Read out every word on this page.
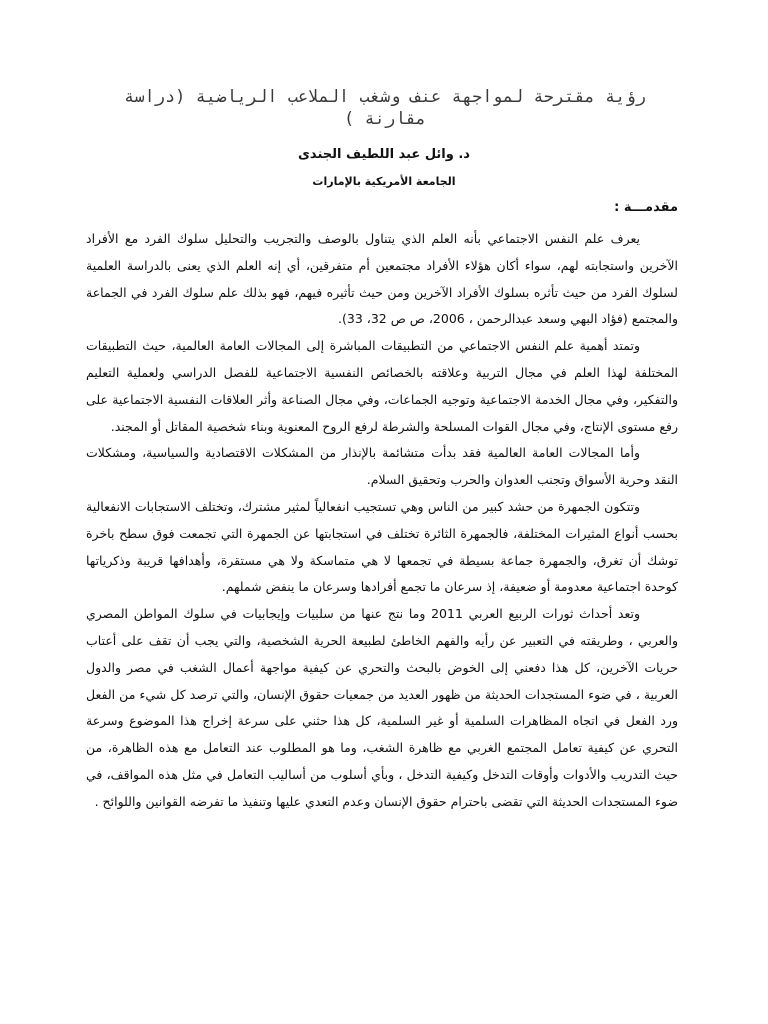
رؤية مقترحة لمواجهة عنف وشغب الملاعب الرياضية (دراسة مقارنة )
د. وائل عبد اللطيف الجندى
الجامعة الأمريكية بالإمارات
مقدمـــة :

يعرف علم النفس الاجتماعي بأنه العلم الذي يتناول بالوصف والتجريب والتحليل سلوك الفرد مع الأفراد الآخرين واستجابته لهم، سواء أكان هؤلاء الأفراد مجتمعين أم متفرقين، أي إنه العلم الذي يعنى بالدراسة العلمية لسلوك الفرد من حيث تأثره بسلوك الأفراد الآخرين ومن حيث تأثيره فيهم، فهو بذلك علم سلوك الفرد في الجماعة والمجتمع (فؤاد البهي وسعد عبدالرحمن ، 2006، ص ص 32، 33).

وتمتد أهمية علم النفس الاجتماعي من التطبيقات المباشرة إلى المجالات العامة العالمية، حيث التطبيقات المختلفة لهذا العلم في مجال التربية وعلاقته بالخصائص النفسية الاجتماعية للفصل الدراسي ولعملية التعليم والتفكير، وفي مجال الخدمة الاجتماعية وتوجيه الجماعات، وفي مجال الصناعة وأثر العلاقات النفسية الاجتماعية على رفع مستوى الإنتاج، وفي مجال القوات المسلحة والشرطة لرفع الروح المعنوية وبناء شخصية المقاتل أو المجند.

وأما المجالات العامة العالمية فقد بدأت متشائمة بالإنذار من المشكلات الاقتصادية والسياسية، ومشكلات النقد وحرية الأسواق وتجنب العدوان والحرب وتحقيق السلام.

وتتكون الجمهرة من حشد كبير من الناس وهي تستجيب انفعالياً لمثير مشترك، وتختلف الاستجابات الانفعالية بحسب أنواع المثيرات المختلفة، فالجمهرة الثائرة تختلف في استجابتها عن الجمهرة التي تجمعت فوق سطح باخرة توشك أن تغرق، والجمهرة جماعة بسيطة في تجمعها لا هي متماسكة ولا هي مستقرة، وأهدافها قريبة وذكرياتها كوحدة اجتماعية معدومة أو ضعيفة، إذ سرعان ما تجمع أفرادها وسرعان ما ينفض شملهم.

وتعد أحداث ثورات الربيع العربي 2011 وما نتج عنها من سلبيات وإيجابيات في سلوك المواطن المصري والعربي ، وطريقته في التعبير عن رأيه والفهم الخاطئ لطبيعة الحرية الشخصية، والتي يجب أن تقف على أعتاب حريات الآخرين، كل هذا دفعني إلى الخوض بالبحث والتحري عن كيفية مواجهة أعمال الشغب في مصر والدول العربية ، في ضوء المستجدات الحديثة من ظهور العديد من جمعيات حقوق الإنسان، والتي ترصد كل شيء من الفعل ورد الفعل في اتجاه المظاهرات السلمية أو غير السلمية، كل هذا حثني على سرعة إخراج هذا الموضوع وسرعة التحري عن كيفية تعامل المجتمع الغربي مع ظاهرة الشغب، وما هو المطلوب عند التعامل مع هذه الظاهرة، من حيث التدريب والأدوات وأوقات التدخل وكيفية التدخل ، وبأي أسلوب من أساليب التعامل في مثل هذه المواقف، في ضوء المستجدات الحديثة التي تقضى باحترام حقوق الإنسان وعدم التعدي عليها وتنفيذ ما تفرضه القوانين واللوائح .
